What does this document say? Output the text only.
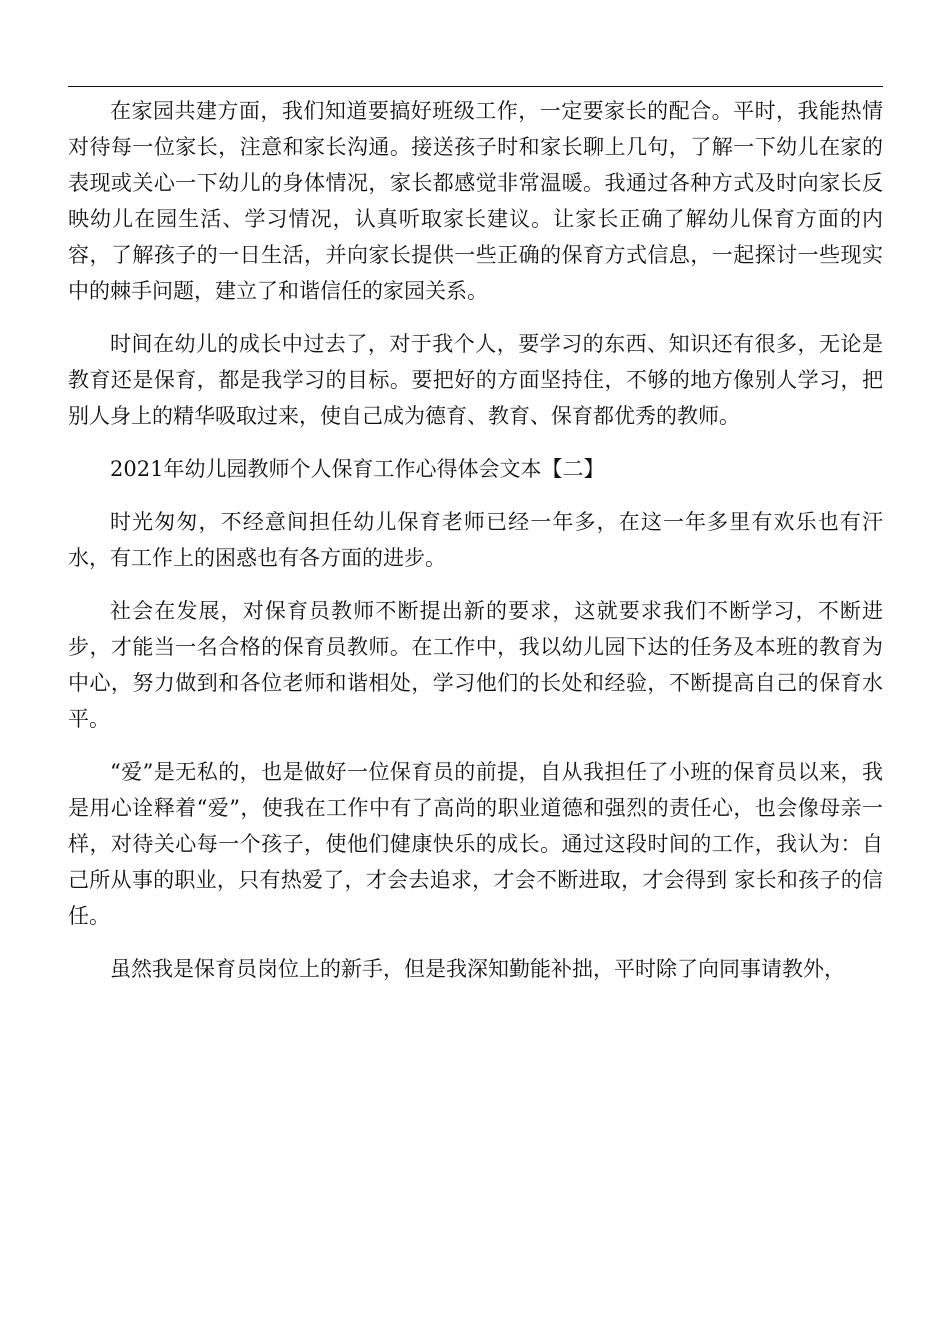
在家园共建方面，我们知道要搞好班级工作，一定要家长的配合。平时，我能热情对待每一位家长，注意和家长沟通。接送孩子时和家长聊上几句，了解一下幼儿在家的表现或关心一下幼儿的身体情况，家长都感觉非常温暖。我通过各种方式及时向家长反映幼儿在园生活、学习情况，认真听取家长建议。让家长正确了解幼儿保育方面的内容，了解孩子的一日生活，并向家长提供一些正确的保育方式信息，一起探讨一些现实中的棘手问题，建立了和谐信任的家园关系。

时间在幼儿的成长中过去了，对于我个人，要学习的东西、知识还有很多，无论是教育还是保育，都是我学习的目标。要把好的方面坚持住，不够的地方像别人学习，把别人身上的精华吸取过来，使自己成为德育、教育、保育都优秀的教师。

2021年幼儿园教师个人保育工作心得体会文本【二】

时光匆匆，不经意间担任幼儿保育老师已经一年多，在这一年多里有欢乐也有汗水，有工作上的困惑也有各方面的进步。

社会在发展，对保育员教师不断提出新的要求，这就要求我们不断学习，不断进步，才能当一名合格的保育员教师。在工作中，我以幼儿园下达的任务及本班的教育为中心，努力做到和各位老师和谐相处，学习他们的长处和经验，不断提高自己的保育水平。

“爱”是无私的，也是做好一位保育员的前提，自从我担任了小班的保育员以来，我是用心诠释着“爱”，使我在工作中有了高尚的职业道德和强烈的责任心，也会像母亲一样，对待关心每一个孩子，使他们健康快乐的成长。通过这段时间的工作，我认为：自己所从事的职业，只有热爱了，才会去追求，才会不断进取，才会得到 家长和孩子的信任。

虽然我是保育员岗位上的新手，但是我深知勤能补拙，平时除了向同事请教外，
